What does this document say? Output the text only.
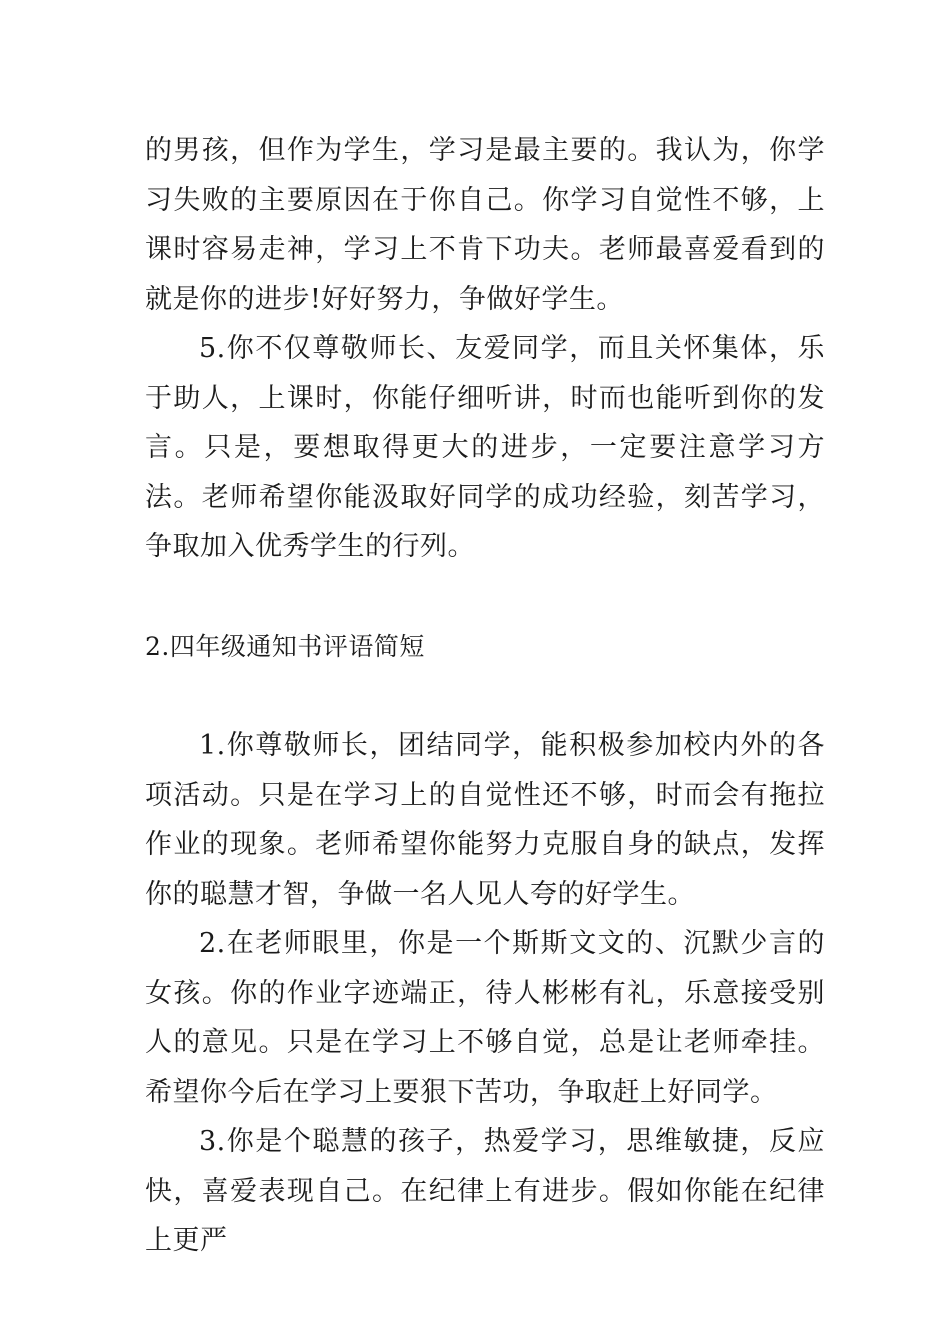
的男孩，但作为学生，学习是最主要的。我认为，你学习失败的主要原因在于你自己。你学习自觉性不够，上课时容易走神，学习上不肯下功夫。老师最喜爱看到的就是你的进步!好好努力，争做好学生。

5.你不仅尊敬师长、友爱同学，而且关怀集体，乐于助人，上课时，你能仔细听讲，时而也能听到你的发言。只是，要想取得更大的进步，一定要注意学习方法。老师希望你能汲取好同学的成功经验，刻苦学习，争取加入优秀学生的行列。

2.四年级通知书评语简短

1.你尊敬师长，团结同学，能积极参加校内外的各项活动。只是在学习上的自觉性还不够，时而会有拖拉作业的现象。老师希望你能努力克服自身的缺点，发挥你的聪慧才智，争做一名人见人夸的好学生。

2.在老师眼里，你是一个斯斯文文的、沉默少言的女孩。你的作业字迹端正，待人彬彬有礼，乐意接受别人的意见。只是在学习上不够自觉，总是让老师牵挂。希望你今后在学习上要狠下苦功，争取赶上好同学。

3.你是个聪慧的孩子，热爱学习，思维敏捷，反应快，喜爱表现自己。在纪律上有进步。假如你能在纪律上更严
